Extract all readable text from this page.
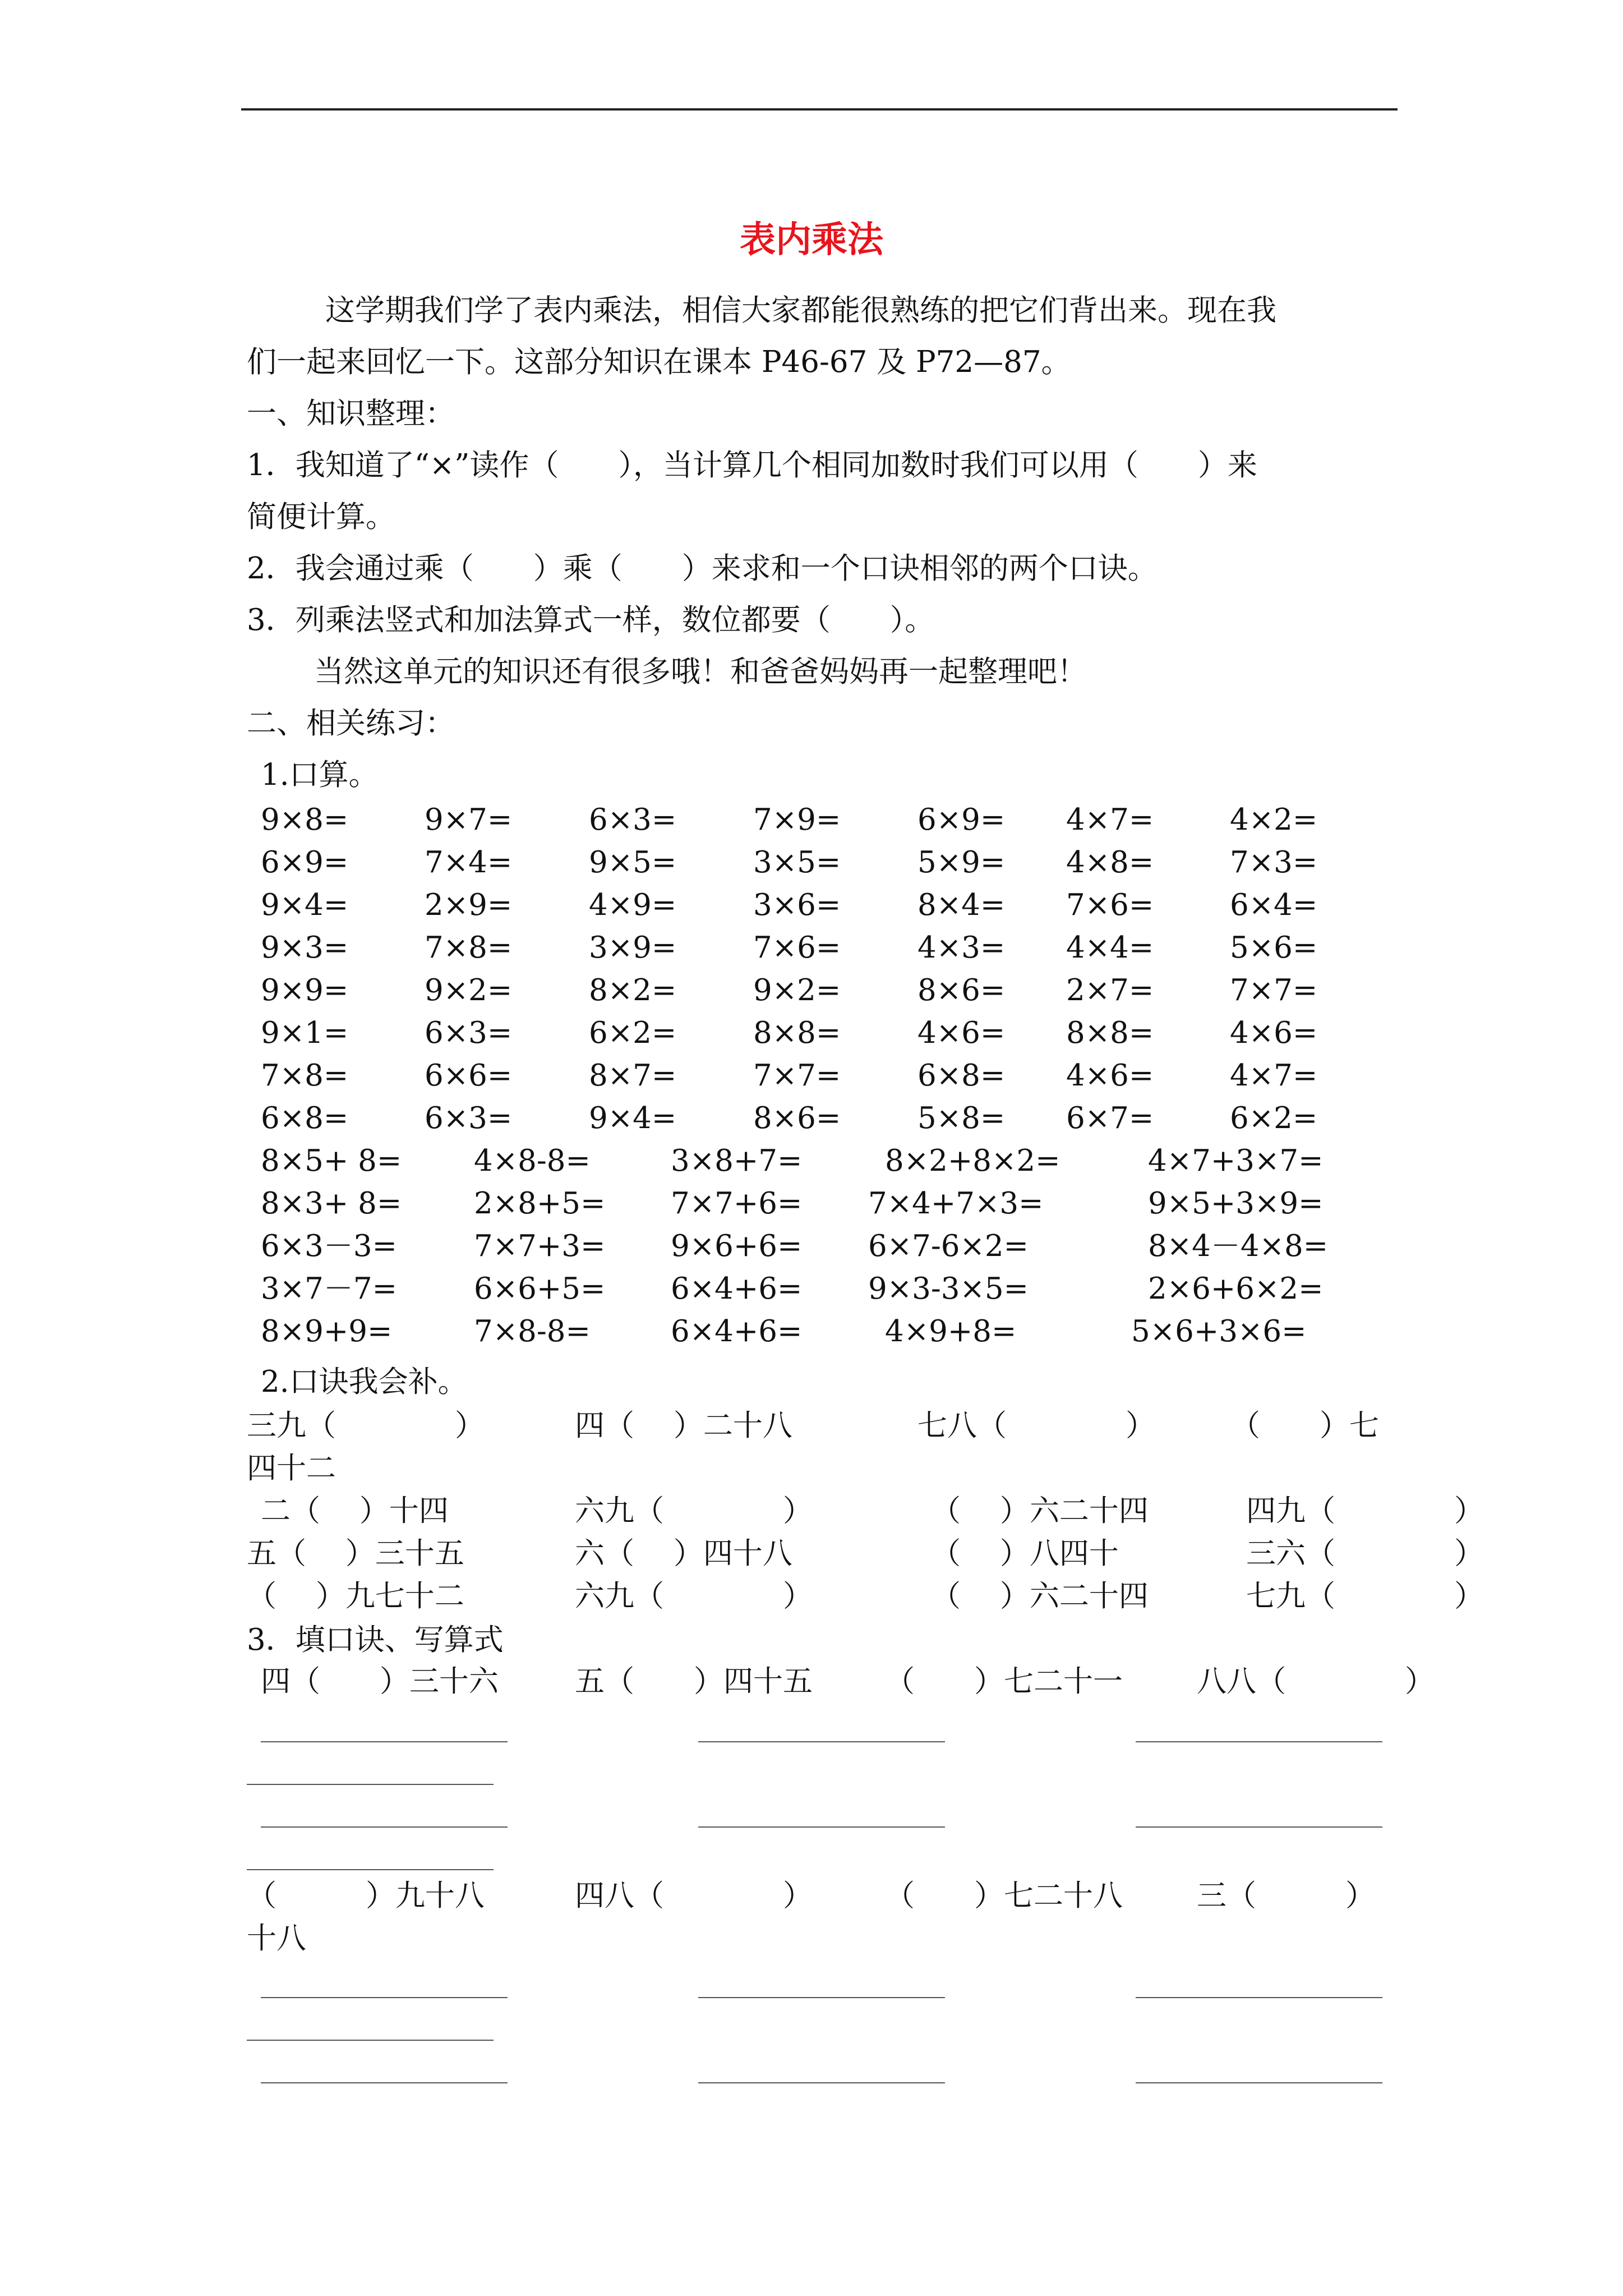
表内乘法
这学期我们学了表内乘法，相信大家都能很熟练的把它们背出来。现在我
们一起来回忆一下。这部分知识在课本 P46-67 及 P72—87。
一、知识整理：
1．我知道了“×”读作（　　），当计算几个相同加数时我们可以用（　　）来
简便计算。
2．我会通过乘（　　）乘（　　）来求和一个口诀相邻的两个口诀。
3．列乘法竖式和加法算式一样，数位都要（　　）。
当然这单元的知识还有很多哦！和爸爸妈妈再一起整理吧！
二、相关练习：
1.口算。
9×8=	9×7=	6×3=	7×9=	6×9= 4×7=	4×2=
6×9=	7×4=	9×5=	3×5=	5×9= 4×8=	7×3=
9×4=	2×9=	4×9=	3×6=	8×4= 7×6=	6×4=
9×3=	7×8=	3×9=	7×6=	4×3= 4×4=	5×6=
9×9=	9×2=	8×2=	9×2=	8×6= 2×7=	7×7=
9×1=	6×3=	6×2=	8×8=	4×6= 8×8=	4×6=
7×8=	6×6=	8×7=	7×7=	6×8= 4×6=	4×7=
6×8=	6×3=	9×4=	8×6=	5×8= 6×7=	6×2=
8×5+ 8= 4×8-8=	3×8+7=	8×2+8×2=	4×7+3×7=
8×3+ 8= 2×8+5= 7×7+6= 7×4+7×3=	9×5+3×9=
6×3－3=	7×7+3= 9×6+6= 6×7-6×2=	8×4－4×8=
3×7－7=	6×6+5= 6×4+6= 9×3-3×5=	2×6+6×2=
8×9+9=	7×8-8=	6×4+6=	4×9+8=	5×6+3×6=
2.口诀我会补。
三九（　　　　）	四（　 ）二十八	七八（　　　　）	（　　）七
四十二
二（　 ）十四	六九（　　　　）	（　 ）六二十四	四九（　　　　）
五（　 ）三十五	六（　 ）四十八	（　 ）八四十	三六（　　　　）
（　 ）九七十二	六九（　　　　）	（　 ）六二十四	七九（　　　　）
3．填口诀、写算式
四（　　）三十六	五（　　）四十五 （　　）七二十一 八八（　　　　）
（　　　）九十八	四八（　　　　） （　　）七二十八 三（　　　）
十八
